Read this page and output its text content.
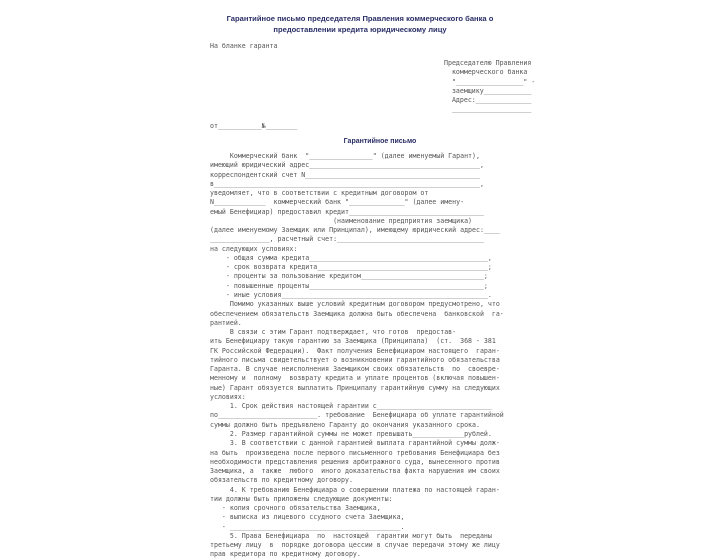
Гарантийное письмо председателя Правления коммерческого банка о
предоставлении кредита юридическому лицу
На бланке гаранта
Председателю Правления
коммерческого банка
"_________________" -
заемщику____________
Адрес:______________
____________________
от___________№________
Гарантийное письмо
Коммерческий банк  "________________" (далее именуемый Гарант),
имеющий юридический адрес___________________________________________,
корреспондентский счет N____________________________________________
в___________________________________________________________________,
уведомляет, что в соответствии с кредитным договором от
N_____________  коммерческий банк "______________" (далее имену-
емый Бенефициар) предоставил кредит__________________________________
(наименование предприятия заемщика)
(далее именуемому Заемщик или Принципал), имеющему юридический адрес:____
_______________, расчетный счет:_____________________________________
на следующих условиях:
- общая сумма кредита_____________________________________________,
- срок возврата кредита___________________________________________;
- проценты за пользование кредитом_______________________________;
- повышенные проценты____________________________________________;
- иные условия____________________________________________________.
Помимо указанных выше условий кредитным договором предусмотрено, что
обеспечением обязательств Заемщика должна быть обеспечена  банковской  га-
рантией.
В связи с этим Гарант подтверждает, что готов  предостав-
ить Бенефициару такую гарантию за Заемщика (Принципала)  (ст.  368 - 381
ГК Российской Федерации).  Факт получения Бенефициаром настоящего  гаран-
тийного письма свидетельствует о возникновении гарантийного обязательства
Гаранта. В случае неисполнения Заемщиком своих обязательств  по  своевре-
менному и  полному  возврату кредита и уплате процентов (включая повышен-
ные) Гарант обязуется выплатить Принципалу гарантийную сумму на следующих
условиях:
1. Срок действия настоящей гарантии с_____________________________
по_________________________. требование  Бенефициара об уплате гарантийной
суммы должно быть предъявлено Гаранту до окончания указанного срока.
2. Размер гарантийной суммы не может превышать_____________рублей.
3. В соответствии с данной гарантией выплата гарантийной суммы долж-
на быть  произведена после первого письменного требования Бенефициара без
необходимости представления решения арбитражного суда, вынесенного против
Заемщика, а  также  любого  иного доказательства факта нарушения им своих
обязательств по кредитному договору.
4. К требованию Бенефициара о совершении платежа по настоящей гаран-
тии должны быть приложены следующие документы:
- копия срочного обязательства Заемщика,
- выписка из лицевого ссудного счета Заемщика,
- ___________________________________________.
5. Права Бенефициара  по  настоящей  гарантии могут быть  переданы
третьему лицу  в  порядке договора цессии в случае передачи этому же лицу
прав кредитора по кредитному договору.
